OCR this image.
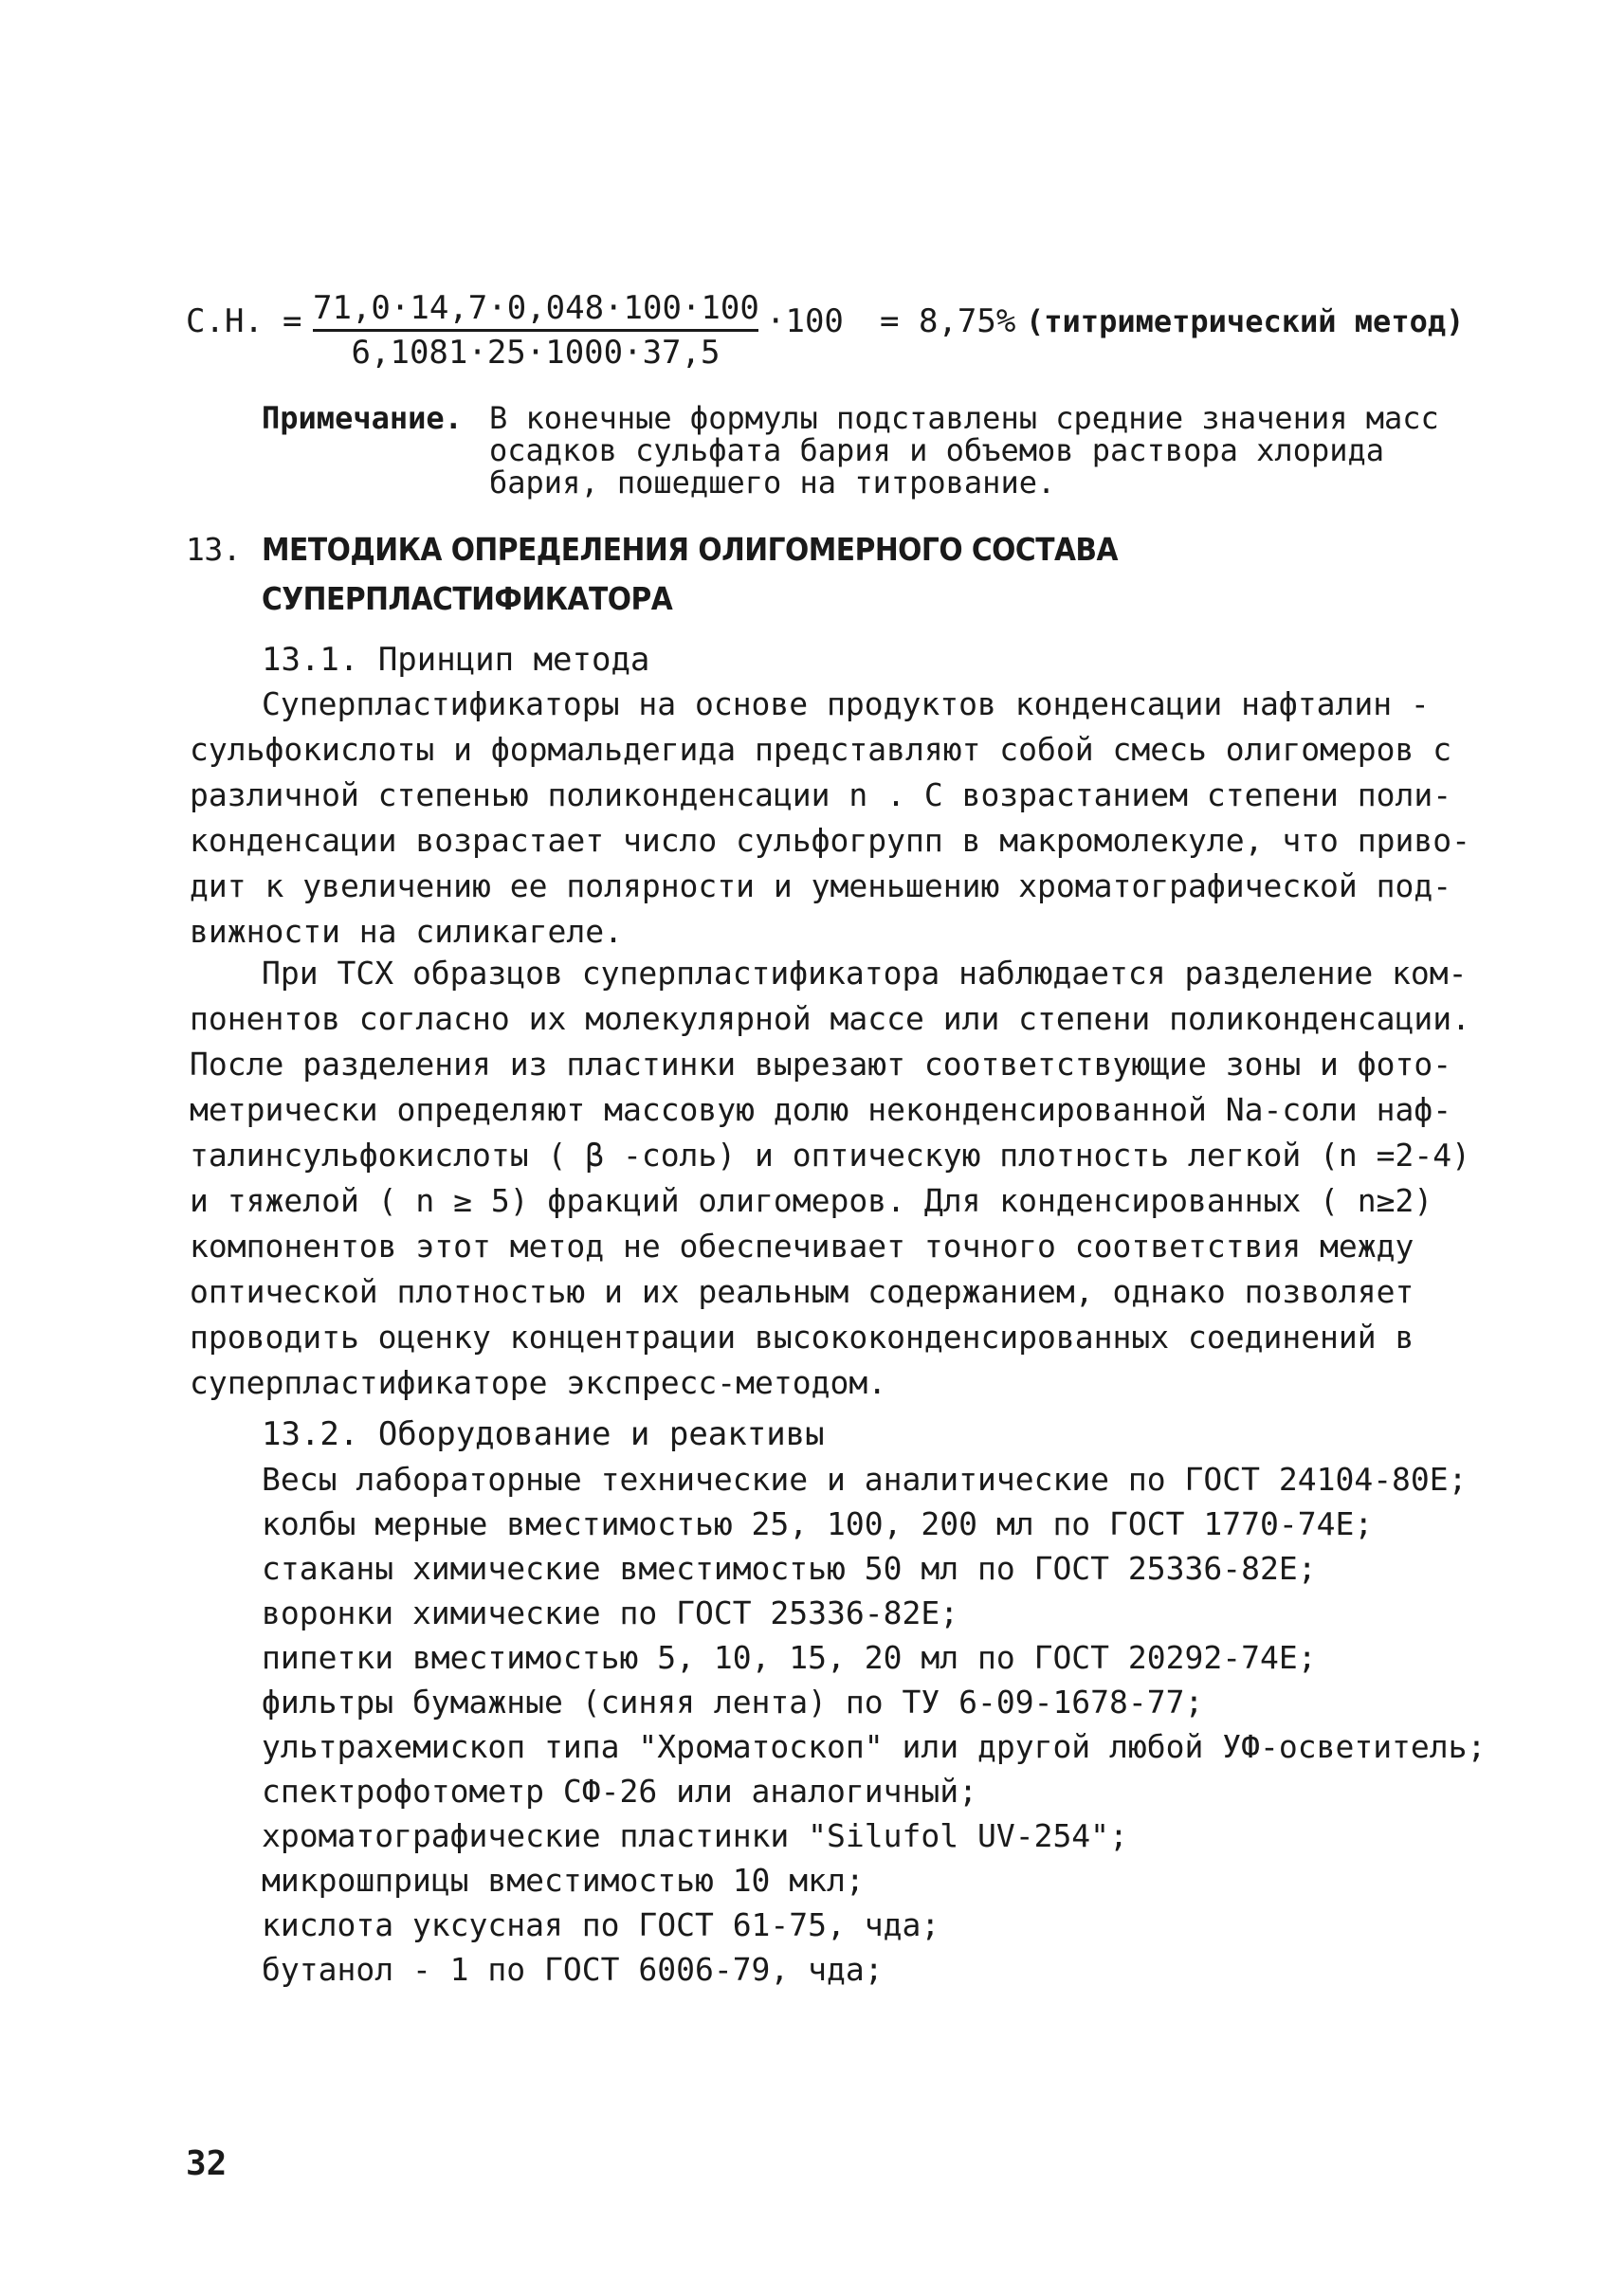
С.Н. = $\frac{71,0\cdot 14,7\cdot 0,048\cdot 100\cdot 100}{6,1081\cdot 25\cdot 1000\cdot 37,5} \cdot 100 = 8,75\%$ (титриметрический метод)
Примечание. В конечные формулы подставлены средние значения масс
осадков сульфата бария и объемов раствора хлорида
бария, пошедшего на титрование.
13. МЕТОДИКА ОПРЕДЕЛЕНИЯ ОЛИГОМЕРНОГО СОСТАВА
СУПЕРПЛАСТИФИКАТОРА
13.1. Принцип метода
Суперпластификаторы на основе продуктов конденсации нафталин -
сульфокислоты и формальдегида представляют собой смесь олигомеров с
различной степенью поликонденсации n . С возрастанием степени поли-
конденсации возрастает число сульфогрупп в макромолекуле, что приво-
дит к увеличению ее полярности и уменьшению хроматографической под-
вижности на силикагеле.
При ТСХ образцов суперпластификатора наблюдается разделение ком-
понентов согласно их молекулярной массе или степени поликонденсации.
После разделения из пластинки вырезают соответствующие зоны и фото-
метрически определяют массовую долю неконденсированной Na-соли наф-
талинсульфокислоты ( β -соль) и оптическую плотность легкой (n =2-4)
и тяжелой ( n ≥ 5) фракций олигомеров. Для конденсированных ( n≥2)
компонентов этот метод не обеспечивает точного соответствия между
оптической плотностью и их реальным содержанием, однако позволяет
проводить оценку концентрации высококонденсированных соединений в
суперпластификаторе экспресс-методом.
13.2. Оборудование и реактивы
Весы лабораторные технические и аналитические по ГОСТ 24104-80Е;
колбы мерные вместимостью 25, 100, 200 мл по ГОСТ 1770-74Е;
стаканы химические вместимостью 50 мл по ГОСТ 25336-82Е;
воронки химические по ГОСТ 25336-82Е;
пипетки вместимостью 5, 10, 15, 20 мл по ГОСТ 20292-74Е;
фильтры бумажные (синяя лента) по ТУ 6-09-1678-77;
ультрахемископ типа "Хроматоскоп" или другой любой УФ-осветитель;
спектрофотометр СФ-26 или аналогичный;
хроматографические пластинки "Silufol UV-254";
микрошприцы вместимостью 10 мкл;
кислота уксусная по ГОСТ 61-75, чда;
бутанол - 1 по ГОСТ 6006-79, чда;
32
